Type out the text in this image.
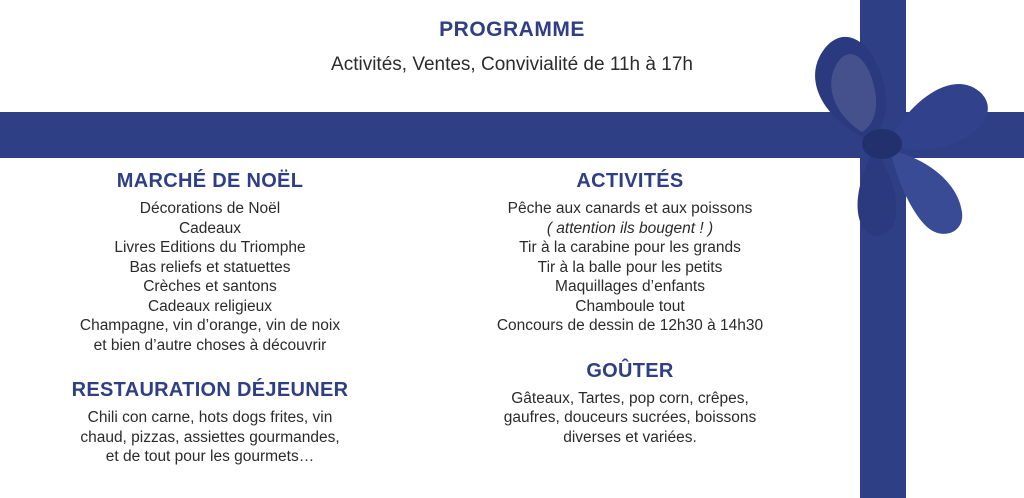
PROGRAMME
Activités, Ventes, Convivialité de 11h à 17h
MARCHÉ DE NOËL
Décorations de Noël
Cadeaux
Livres Editions du Triomphe
Bas reliefs et statuettes
Crèches et santons
Cadeaux religieux
Champagne, vin d’orange, vin de noix
et bien d’autre choses à découvrir
RESTAURATION DÉJEUNER
Chili con carne, hots dogs frites, vin
chaud, pizzas, assiettes gourmandes,
et de tout pour les gourmets…
ACTIVITÉS
Pêche aux canards et aux poissons
( attention ils bougent ! )
Tir à la carabine pour les grands
Tir à la balle pour les petits
Maquillages d’enfants
Chamboule tout
Concours de dessin de 12h30 à 14h30
GOÛTER
Gâteaux, Tartes, pop corn, crêpes,
gaufres, douceurs sucrées, boissons
diverses et variées.
